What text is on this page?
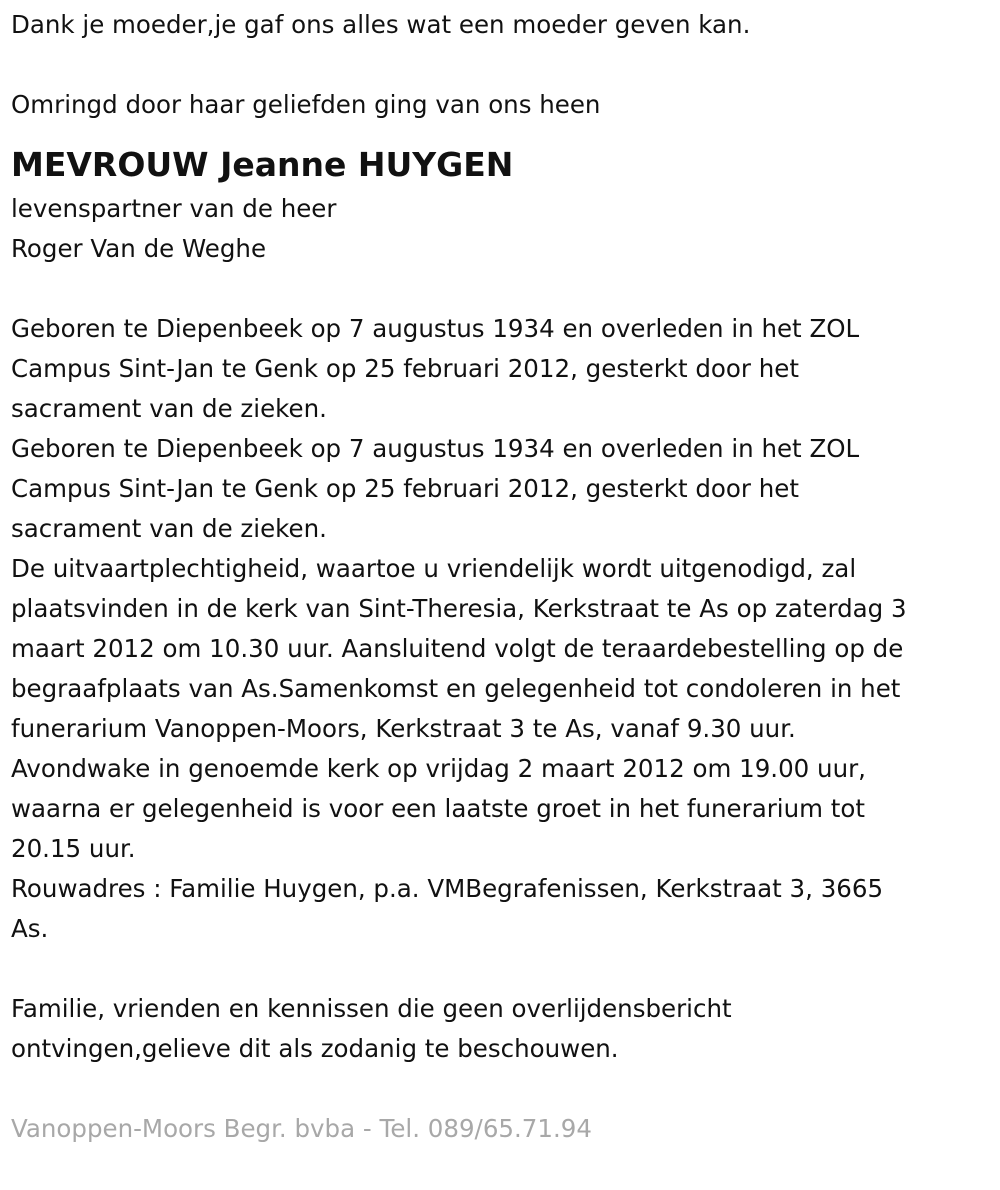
Dank je moeder,je gaf ons alles wat een moeder geven kan.
Omringd door haar geliefden ging van ons heen
MEVROUW Jeanne HUYGEN
levenspartner van de heer
Roger Van de Weghe
Geboren te Diepenbeek op 7 augustus 1934 en overleden in het ZOL
Campus Sint-Jan te Genk op 25 februari 2012, gesterkt door het
sacrament van de zieken.
Geboren te Diepenbeek op 7 augustus 1934 en overleden in het ZOL
Campus Sint-Jan te Genk op 25 februari 2012, gesterkt door het
sacrament van de zieken.
De uitvaartplechtigheid, waartoe u vriendelijk wordt uitgenodigd, zal
plaatsvinden in de kerk van Sint-Theresia, Kerkstraat te As op zaterdag 3
maart 2012 om 10.30 uur. Aansluitend volgt de teraardebestelling op de
begraafplaats van As.Samenkomst en gelegenheid tot condoleren in het
funerarium Vanoppen-Moors, Kerkstraat 3 te As, vanaf 9.30 uur.
Avondwake in genoemde kerk op vrijdag 2 maart 2012 om 19.00 uur,
waarna er gelegenheid is voor een laatste groet in het funerarium tot
20.15 uur.
Rouwadres : Familie Huygen, p.a. VMBegrafenissen, Kerkstraat 3, 3665
As.
Familie, vrienden en kennissen die geen overlijdensbericht
ontvingen,gelieve dit als zodanig te beschouwen.
Vanoppen-Moors Begr. bvba - Tel. 089/65.71.94
